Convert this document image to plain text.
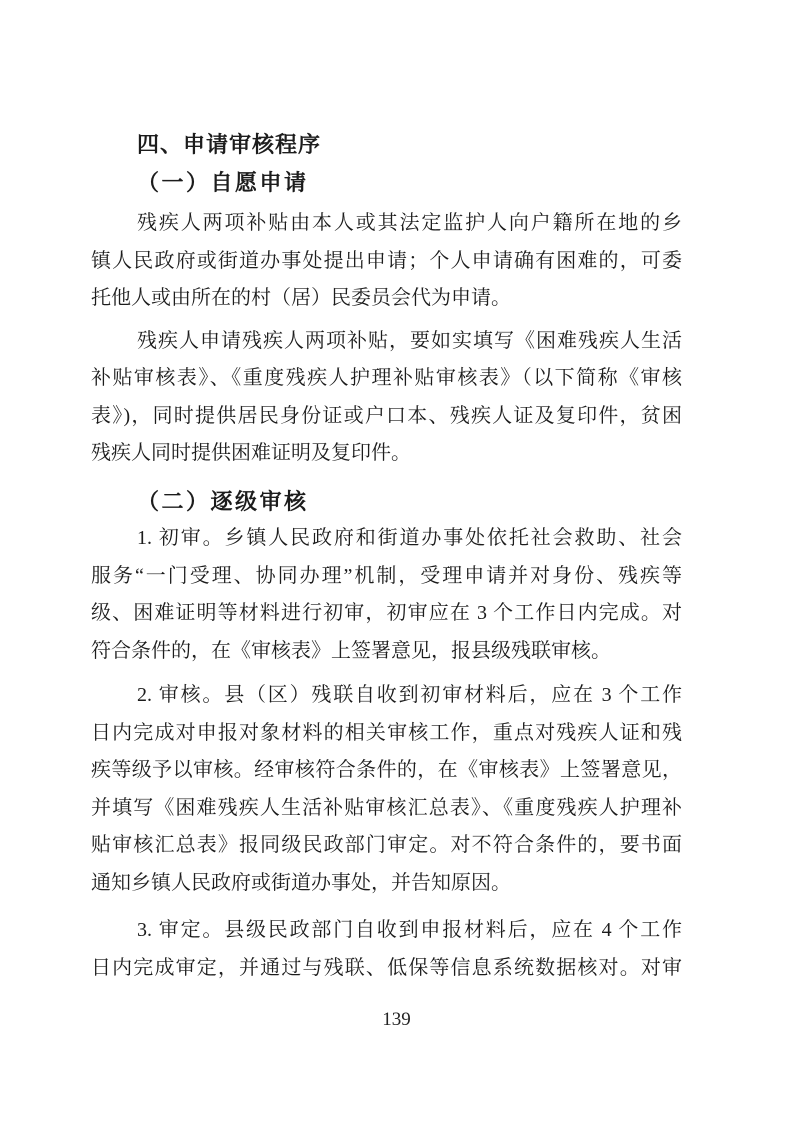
四、申请审核程序
（一）自愿申请
残疾人两项补贴由本人或其法定监护人向户籍所在地的乡
镇人民政府或街道办事处提出申请；个人申请确有困难的，可委
托他人或由所在的村（居）民委员会代为申请。
残疾人申请残疾人两项补贴，要如实填写《困难残疾人生活
补贴审核表》、《重度残疾人护理补贴审核表》（以下简称《审核
表》)，同时提供居民身份证或户口本、残疾人证及复印件，贫困
残疾人同时提供困难证明及复印件。
（二）逐级审核
1. 初审。乡镇人民政府和街道办事处依托社会救助、社会
服务“一门受理、协同办理”机制，受理申请并对身份、残疾等
级、困难证明等材料进行初审，初审应在 3 个工作日内完成。对
符合条件的，在《审核表》上签署意见，报县级残联审核。
2. 审核。县（区）残联自收到初审材料后，应在 3 个工作
日内完成对申报对象材料的相关审核工作，重点对残疾人证和残
疾等级予以审核。经审核符合条件的，在《审核表》上签署意见，
并填写《困难残疾人生活补贴审核汇总表》、《重度残疾人护理补
贴审核汇总表》报同级民政部门审定。对不符合条件的，要书面
通知乡镇人民政府或街道办事处，并告知原因。
3. 审定。县级民政部门自收到申报材料后，应在 4 个工作
日内完成审定，并通过与残联、低保等信息系统数据核对。对审
139
